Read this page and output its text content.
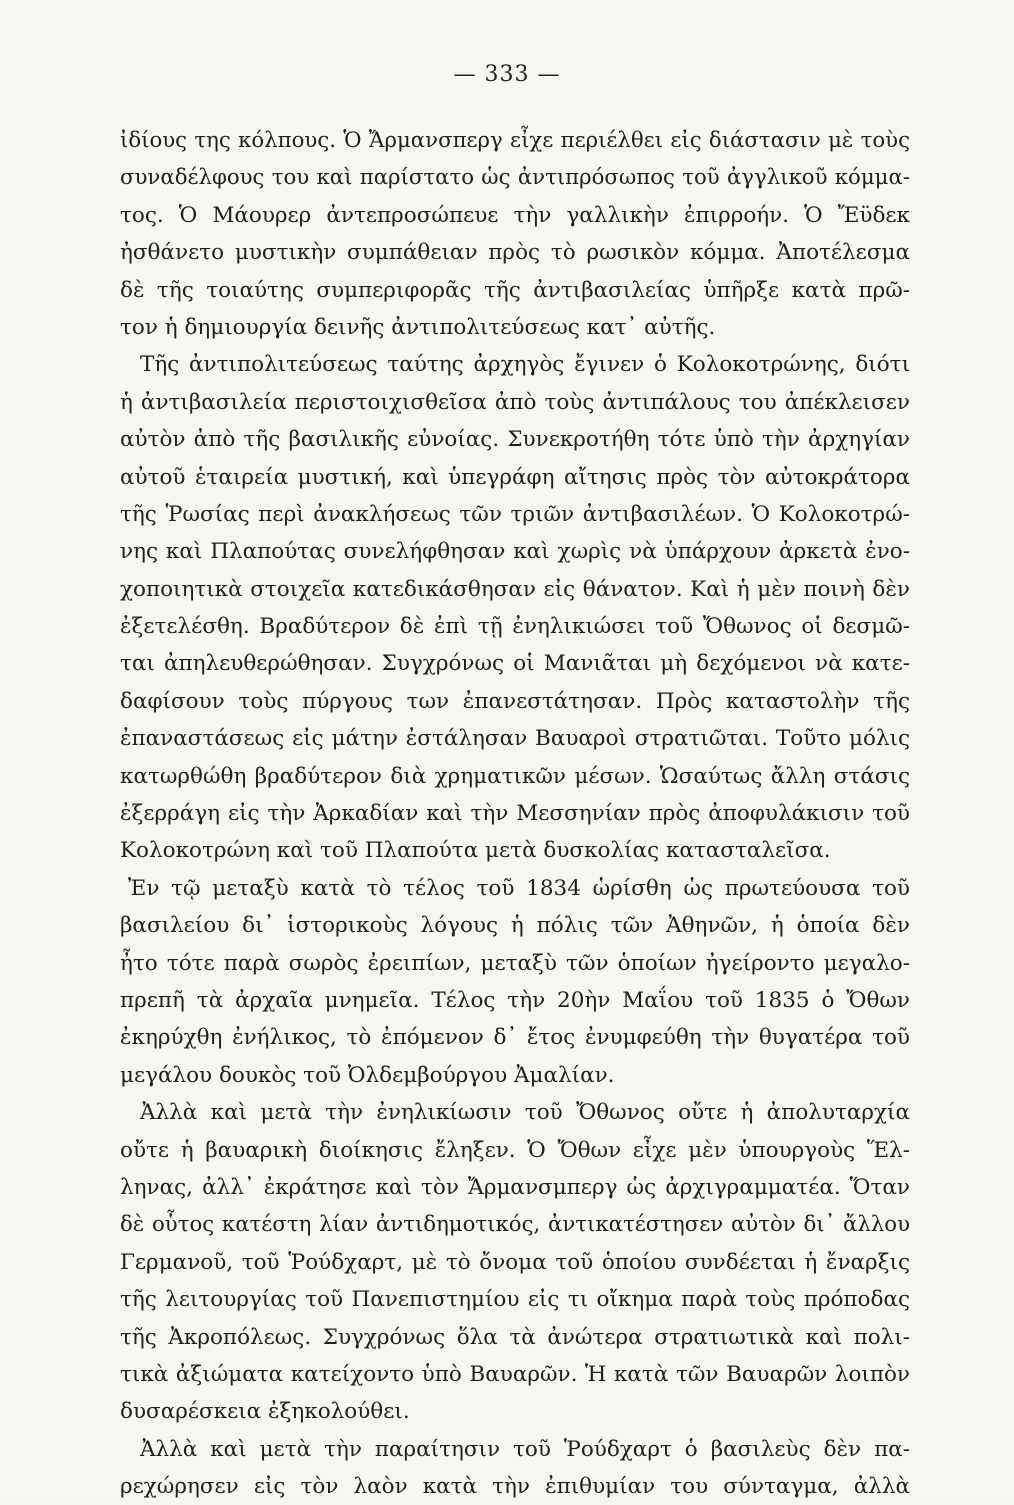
— 333 —
ἰδίους της κόλπους. Ὁ Ἄρμανσπεργ εἶχε περιέλθει εἰς διάστασιν μὲ τοὺς
συναδέλφους του καὶ παρίστατο ὡς ἀντιπρόσωπος τοῦ ἀγγλικοῦ κόμμα-
τος. Ὁ Μάουρερ ἀντεπροσώπευε τὴν γαλλικὴν ἐπιρροήν. Ὁ Ἔϋδεκ
ἠσθάνετο μυστικὴν συμπάθειαν πρὸς τὸ ρωσικὸν κόμμα. Ἀποτέλεσμα
δὲ τῆς τοιαύτης συμπεριφορᾶς τῆς ἀντιβασιλείας ὑπῆρξε κατὰ πρῶ-
τον ἡ δημιουργία δεινῆς ἀντιπολιτεύσεως κατ᾽ αὐτῆς.
Τῆς ἀντιπολιτεύσεως ταύτης ἀρχηγὸς ἔγινεν ὁ Κολοκοτρώνης, διότι
ἡ ἀντιβασιλεία περιστοιχισθεῖσα ἀπὸ τοὺς ἀντιπάλους του ἀπέκλεισεν
αὐτὸν ἀπὸ τῆς βασιλικῆς εὐνοίας. Συνεκροτήθη τότε ὑπὸ τὴν ἀρχηγίαν
αὐτοῦ ἑταιρεία μυστική, καὶ ὑπεγράφη αἴτησις πρὸς τὸν αὐτοκράτορα
τῆς Ῥωσίας περὶ ἀνακλήσεως τῶν τριῶν ἀντιβασιλέων. Ὁ Κολοκοτρώ-
νης καὶ Πλαπούτας συνελήφθησαν καὶ χωρὶς νὰ ὑπάρχουν ἀρκετὰ ἐνο-
χοποιητικὰ στοιχεῖα κατεδικάσθησαν εἰς θάνατον. Καὶ ἡ μὲν ποινὴ δὲν
ἐξετελέσθη. Βραδύτερον δὲ ἐπὶ τῇ ἐνηλικιώσει τοῦ Ὄθωνος οἱ δεσμῶ-
ται ἀπηλευθερώθησαν. Συγχρόνως οἱ Μανιᾶται μὴ δεχόμενοι νὰ κατε-
δαφίσουν τοὺς πύργους των ἐπανεστάτησαν. Πρὸς καταστολὴν τῆς
ἐπαναστάσεως εἰς μάτην ἐστάλησαν Βαυαροὶ στρατιῶται. Τοῦτο μόλις
κατωρθώθη βραδύτερον διὰ χρηματικῶν μέσων. Ὡσαύτως ἄλλη στάσις
ἐξερράγη εἰς τὴν Ἀρκαδίαν καὶ τὴν Μεσσηνίαν πρὸς ἀποφυλάκισιν τοῦ
Κολοκοτρώνη καὶ τοῦ Πλαπούτα μετὰ δυσκολίας κατασταλεῖσα.
Ἐν τῷ μεταξὺ κατὰ τὸ τέλος τοῦ 1834 ὡρίσθη ὡς πρωτεύουσα τοῦ
βασιλείου δι᾽ ἱστορικοὺς λόγους ἡ πόλις τῶν Ἀθηνῶν, ἡ ὁποία δὲν
ἦτο τότε παρὰ σωρὸς ἐρειπίων, μεταξὺ τῶν ὁποίων ἠγείροντο μεγαλο-
πρεπῆ τὰ ἀρχαῖα μνημεῖα. Τέλος τὴν 20ὴν Μαΐου τοῦ 1835 ὁ Ὄθων
ἐκηρύχθη ἐνήλικος, τὸ ἐπόμενον δ᾽ ἔτος ἐνυμφεύθη τὴν θυγατέρα τοῦ
μεγάλου δουκὸς τοῦ Ὀλδεμβούργου Ἀμαλίαν.
Ἀλλὰ καὶ μετὰ τὴν ἐνηλικίωσιν τοῦ Ὄθωνος οὔτε ἡ ἀπολυταρχία
οὔτε ἡ βαυαρικὴ διοίκησις ἔληξεν. Ὁ Ὄθων εἶχε μὲν ὑπουργοὺς Ἕλ-
ληνας, ἀλλ᾽ ἐκράτησε καὶ τὸν Ἄρμανσμπεργ ὡς ἀρχιγραμματέα. Ὅταν
δὲ οὗτος κατέστη λίαν ἀντιδημοτικός, ἀντικατέστησεν αὐτὸν δι᾽ ἄλλου
Γερμανοῦ, τοῦ Ῥούδχαρτ, μὲ τὸ ὄνομα τοῦ ὁποίου συνδέεται ἡ ἔναρξις
τῆς λειτουργίας τοῦ Πανεπιστημίου εἰς τι οἴκημα παρὰ τοὺς πρόποδας
τῆς Ἀκροπόλεως. Συγχρόνως ὅλα τὰ ἀνώτερα στρατιωτικὰ καὶ πολι-
τικὰ ἀξιώματα κατείχοντο ὑπὸ Βαυαρῶν. Ἡ κατὰ τῶν Βαυαρῶν λοιπὸν
δυσαρέσκεια ἐξηκολούθει.
Ἀλλὰ καὶ μετὰ τὴν παραίτησιν τοῦ Ῥούδχαρτ ὁ βασιλεὺς δὲν πα-
ρεχώρησεν εἰς τὸν λαὸν κατὰ τὴν ἐπιθυμίαν του σύνταγμα, ἀλλὰ
